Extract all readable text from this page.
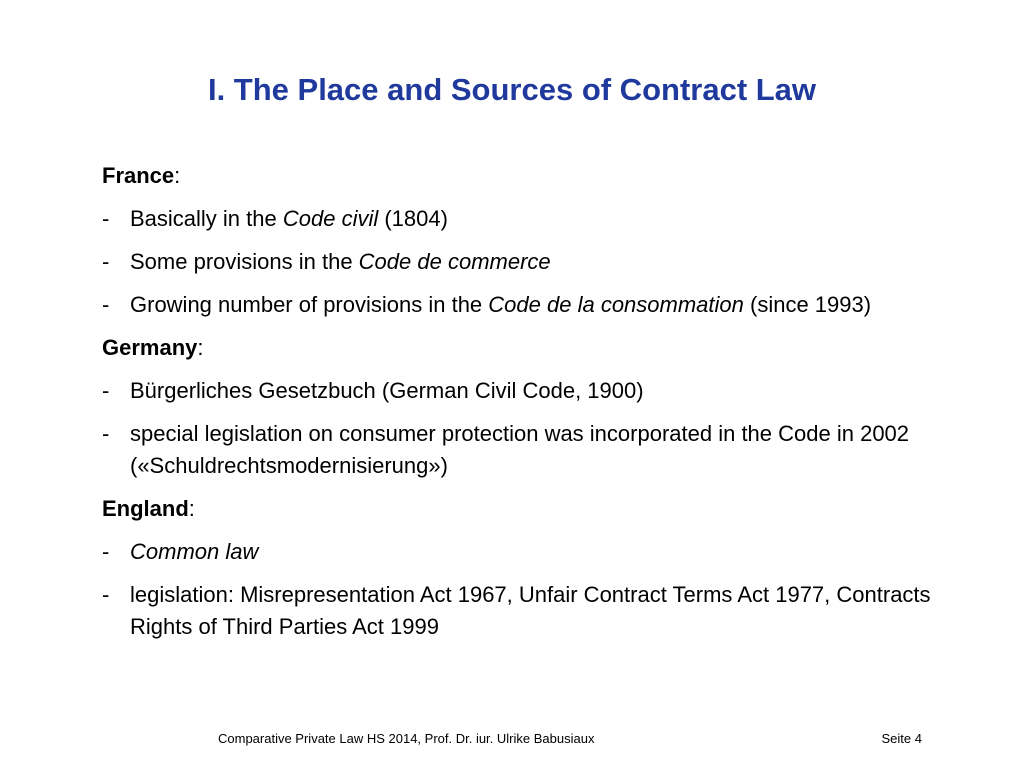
I. The Place and Sources of Contract Law
France:
- Basically in the Code civil (1804)
- Some provisions in the Code de commerce
- Growing number of provisions in the Code de la consommation (since 1993)
Germany:
- Bürgerliches Gesetzbuch (German Civil Code, 1900)
- special legislation on consumer protection was incorporated in the Code in 2002 («Schuldrechtsmodernisierung»)
England:
- Common law
- legislation: Misrepresentation Act 1967, Unfair Contract Terms Act 1977, Contracts Rights of Third Parties Act 1999
Comparative Private Law HS 2014, Prof. Dr. iur. Ulrike Babusiaux	Seite 4
